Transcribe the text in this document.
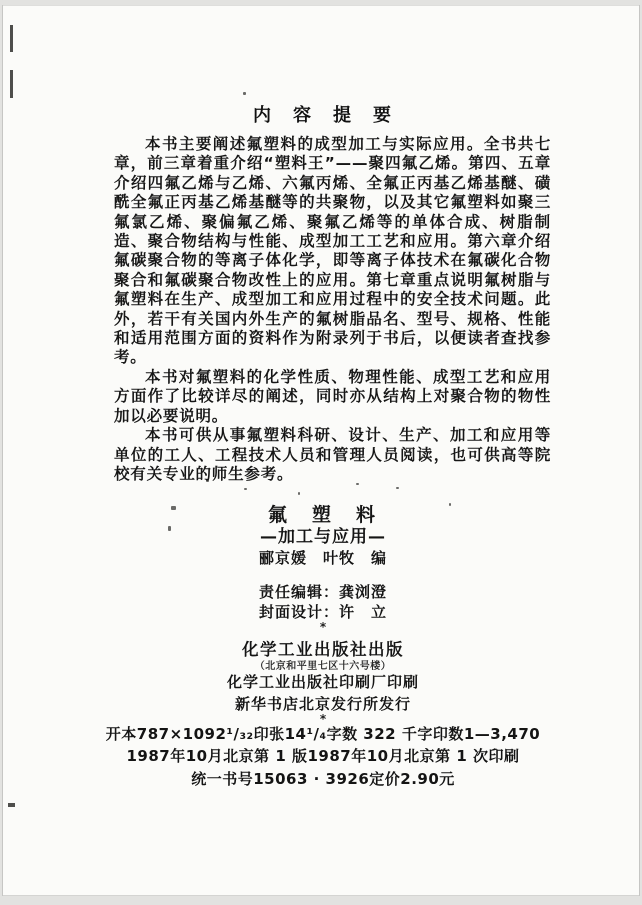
内　容　提　要

本书主要阐述氟塑料的成型加工与实际应用。全书共七章，前三章着重介绍“塑料王”——聚四氟乙烯。第四、五章介绍四氟乙烯与乙烯、六氟丙烯、全氟正丙基乙烯基醚、磺酰全氟正丙基乙烯基醚等的共聚物，以及其它氟塑料如聚三氟氯乙烯、聚偏氟乙烯、聚氟乙烯等的单体合成、树脂制造、聚合物结构与性能、成型加工工艺和应用。第六章介绍氟碳聚合物的等离子体化学，即等离子体技术在氟碳化合物聚合和氟碳聚合物改性上的应用。第七章重点说明氟树脂与氟塑料在生产、成型加工和应用过程中的安全技术问题。此外，若干有关国内外生产的氟树脂品名、型号、规格、性能和适用范围方面的资料作为附录列于书后，以便读者查找参考。

本书对氟塑料的化学性质、物理性能、成型工艺和应用方面作了比较详尽的阐述，同时亦从结构上对聚合物的物性加以必要说明。

本书可供从事氟塑料科研、设计、生产、加工和应用等单位的工人、工程技术人员和管理人员阅读，也可供高等院校有关专业的师生参考。

氟　塑　料
—加工与应用—
郦京媛　叶牧　编
责任编辑：龚浏澄
封面设计：许　立
*
化学工业出版社出版
（北京和平里七区十六号楼）
化学工业出版社印刷厂印刷
新华书店北京发行所发行
*
开本787×1092¹/₃₂印张14¹/₄字数 322 千字印数1—3,470
1987年10月北京第 1 版1987年10月北京第 1 次印刷
统一书号15063 · 3926定价2.90元
